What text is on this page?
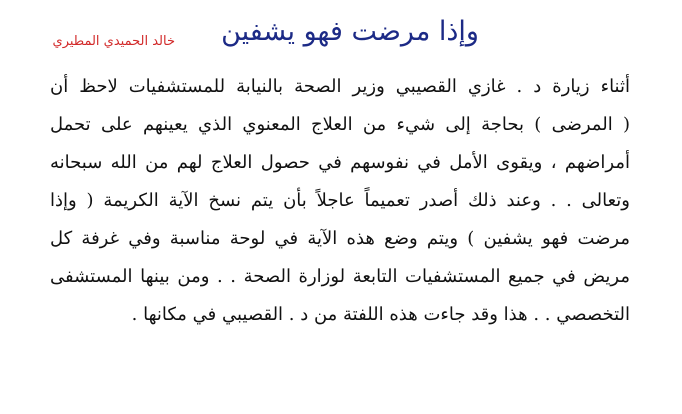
وإذا مرضت فهو يشفين
خالد الحميدي المطيري
أثناء زيارة د . غازي القصيبي وزير الصحة بالنيابة للمستشفيات لاحظ أن
( المرضى ) بحاجة إلى شيء من العلاج المعنوي الذي يعينهم على تحمل
أمراضهم ، ويقوى الأمل في نفوسهم في حصول العلاج لهم من الله سبحانه
وتعالى . . وعند ذلك أصدر تعميماً عاجلاً بأن يتم نسخ الآية الكريمة ( وإذا
مرضت فهو يشفين ) ويتم وضع هذه الآية في لوحة مناسبة وفي غرفة كل
مريض في جميع المستشفيات التابعة لوزارة الصحة . . ومن بينها المستشفى
التخصصي . . هذا وقد جاءت هذه اللفتة من د . القصيبي في مكانها .
